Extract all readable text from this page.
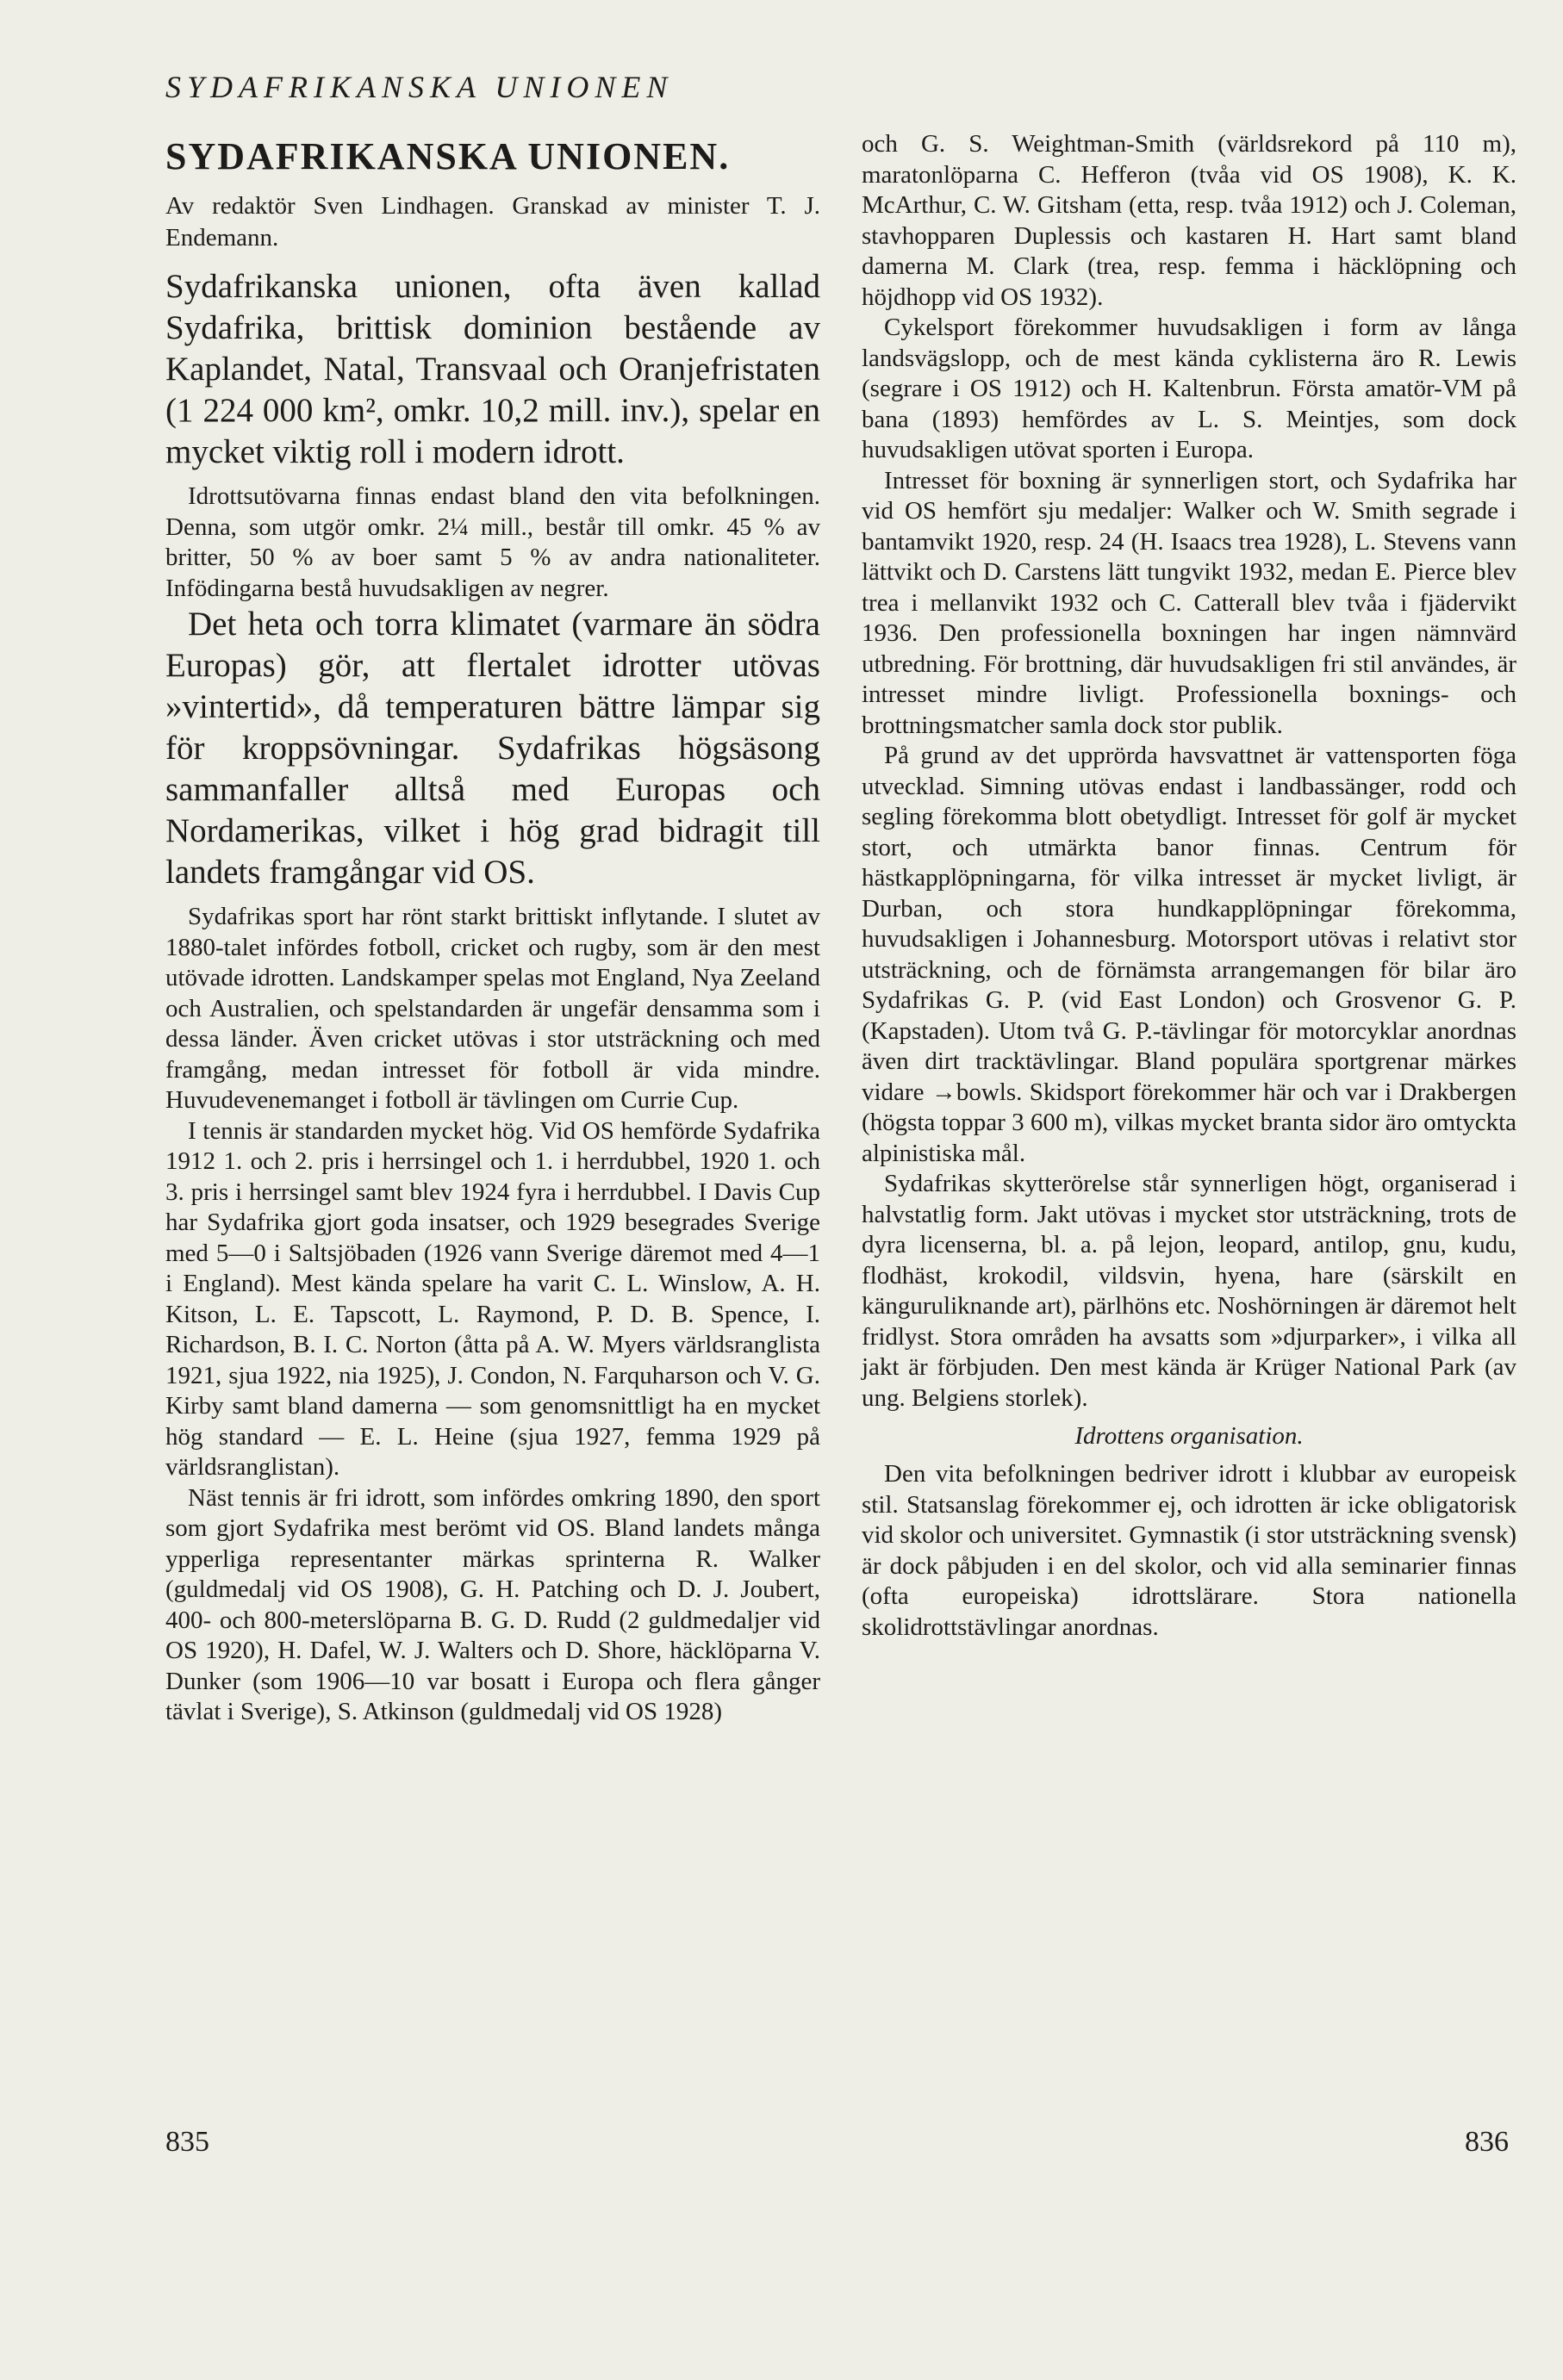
SYDAFRIKANSKA UNIONEN
SYDAFRIKANSKA UNIONEN.

Av redaktör Sven Lindhagen. Granskad av minister T. J. Endemann.

Sydafrikanska unionen, ofta även kallad Sydafrika, brittisk dominion bestående av Kaplandet, Natal, Transvaal och Oranjefristaten (1 224 000 km², omkr. 10,2 mill. inv.), spelar en mycket viktig roll i modern idrott.

Idrottsutövarna finnas endast bland den vita befolkningen. Denna, som utgör omkr. 2¼ mill., består till omkr. 45 % av britter, 50 % av boer samt 5 % av andra nationaliteter. Infödingarna bestå huvudsakligen av negrer.

Det heta och torra klimatet (varmare än södra Europas) gör, att flertalet idrotter utövas »vintertid», då temperaturen bättre lämpar sig för kroppsövningar. Sydafrikas högsäsong sammanfaller alltså med Europas och Nordamerikas, vilket i hög grad bidragit till landets framgångar vid OS.

Sydafrikas sport har rönt starkt brittiskt inflytande. I slutet av 1880-talet infördes fotboll, cricket och rugby, som är den mest utövade idrotten. Landskamper spelas mot England, Nya Zeeland och Australien, och spelstandarden är ungefär densamma som i dessa länder. Även cricket utövas i stor utsträckning och med framgång, medan intresset för fotboll är vida mindre. Huvudevenemanget i fotboll är tävlingen om Currie Cup.

I tennis är standarden mycket hög. Vid OS hemförde Sydafrika 1912 1. och 2. pris i herrsingel och 1. i herrdubbel, 1920 1. och 3. pris i herrsingel samt blev 1924 fyra i herrdubbel. I Davis Cup har Sydafrika gjort goda insatser, och 1929 besegrades Sverige med 5—0 i Saltsjöbaden (1926 vann Sverige däremot med 4—1 i England). Mest kända spelare ha varit C. L. Winslow, A. H. Kitson, L. E. Tapscott, L. Raymond, P. D. B. Spence, I. Richardson, B. I. C. Norton (åtta på A. W. Myers världsranglista 1921, sjua 1922, nia 1925), J. Condon, N. Farquharson och V. G. Kirby samt bland damerna — som genomsnittligt ha en mycket hög standard — E. L. Heine (sjua 1927, femma 1929 på världsranglistan).

Näst tennis är fri idrott, som infördes omkring 1890, den sport som gjort Sydafrika mest berömt vid OS. Bland landets många ypperliga representanter märkas sprinterna R. Walker (guldmedalj vid OS 1908), G. H. Patching och D. J. Joubert, 400- och 800-meterslöparna B. G. D. Rudd (2 guldmedaljer vid OS 1920), H. Dafel, W. J. Walters och D. Shore, häcklöparna V. Dunker (som 1906—10 var bosatt i Europa och flera gånger tävlat i Sverige), S. Atkinson (guldmedalj vid OS 1928)

och G. S. Weightman-Smith (världsrekord på 110 m), maratonlöparna C. Hefferon (tvåa vid OS 1908), K. K. McArthur, C. W. Gitsham (etta, resp. tvåa 1912) och J. Coleman, stavhopparen Duplessis och kastaren H. Hart samt bland damerna M. Clark (trea, resp. femma i häcklöpning och höjdhopp vid OS 1932).

Cykelsport förekommer huvudsakligen i form av långa landsvägslopp, och de mest kända cyklisterna äro R. Lewis (segrare i OS 1912) och H. Kaltenbrun. Första amatör-VM på bana (1893) hemfördes av L. S. Meintjes, som dock huvudsakligen utövat sporten i Europa.

Intresset för boxning är synnerligen stort, och Sydafrika har vid OS hemfört sju medaljer: Walker och W. Smith segrade i bantamvikt 1920, resp. 24 (H. Isaacs trea 1928), L. Stevens vann lättvikt och D. Carstens lätt tungvikt 1932, medan E. Pierce blev trea i mellanvikt 1932 och C. Catterall blev tvåa i fjädervikt 1936. Den professionella boxningen har ingen nämnvärd utbredning. För brottning, där huvudsakligen fri stil användes, är intresset mindre livligt. Professionella boxnings- och brottningsmatcher samla dock stor publik.

På grund av det upprörda havsvattnet är vattensporten föga utvecklad. Simning utövas endast i landbassänger, rodd och segling förekomma blott obetydligt. Intresset för golf är mycket stort, och utmärkta banor finnas. Centrum för hästkapplöpningarna, för vilka intresset är mycket livligt, är Durban, och stora hundkapplöpningar förekomma, huvudsakligen i Johannesburg. Motorsport utövas i relativt stor utsträckning, och de förnämsta arrangemangen för bilar äro Sydafrikas G. P. (vid East London) och Grosvenor G. P. (Kapstaden). Utom två G. P.-tävlingar för motorcyklar anordnas även dirt tracktävlingar. Bland populära sportgrenar märkes vidare →bowls. Skidsport förekommer här och var i Drakbergen (högsta toppar 3 600 m), vilkas mycket branta sidor äro omtyckta alpinistiska mål.

Sydafrikas skytterörelse står synnerligen högt, organiserad i halvstatlig form. Jakt utövas i mycket stor utsträckning, trots de dyra licenserna, bl. a. på lejon, leopard, antilop, gnu, kudu, flodhäst, krokodil, vildsvin, hyena, hare (särskilt en känguruliknande art), pärlhöns etc. Noshörningen är däremot helt fridlyst. Stora områden ha avsatts som »djurparker», i vilka all jakt är förbjuden. Den mest kända är Krüger National Park (av ung. Belgiens storlek).

Idrottens organisation.

Den vita befolkningen bedriver idrott i klubbar av europeisk stil. Statsanslag förekommer ej, och idrotten är icke obligatorisk vid skolor och universitet. Gymnastik (i stor utsträckning svensk) är dock påbjuden i en del skolor, och vid alla seminarier finnas (ofta europeiska) idrottslärare. Stora nationella skolidrottstävlingar anordnas.

835	836
